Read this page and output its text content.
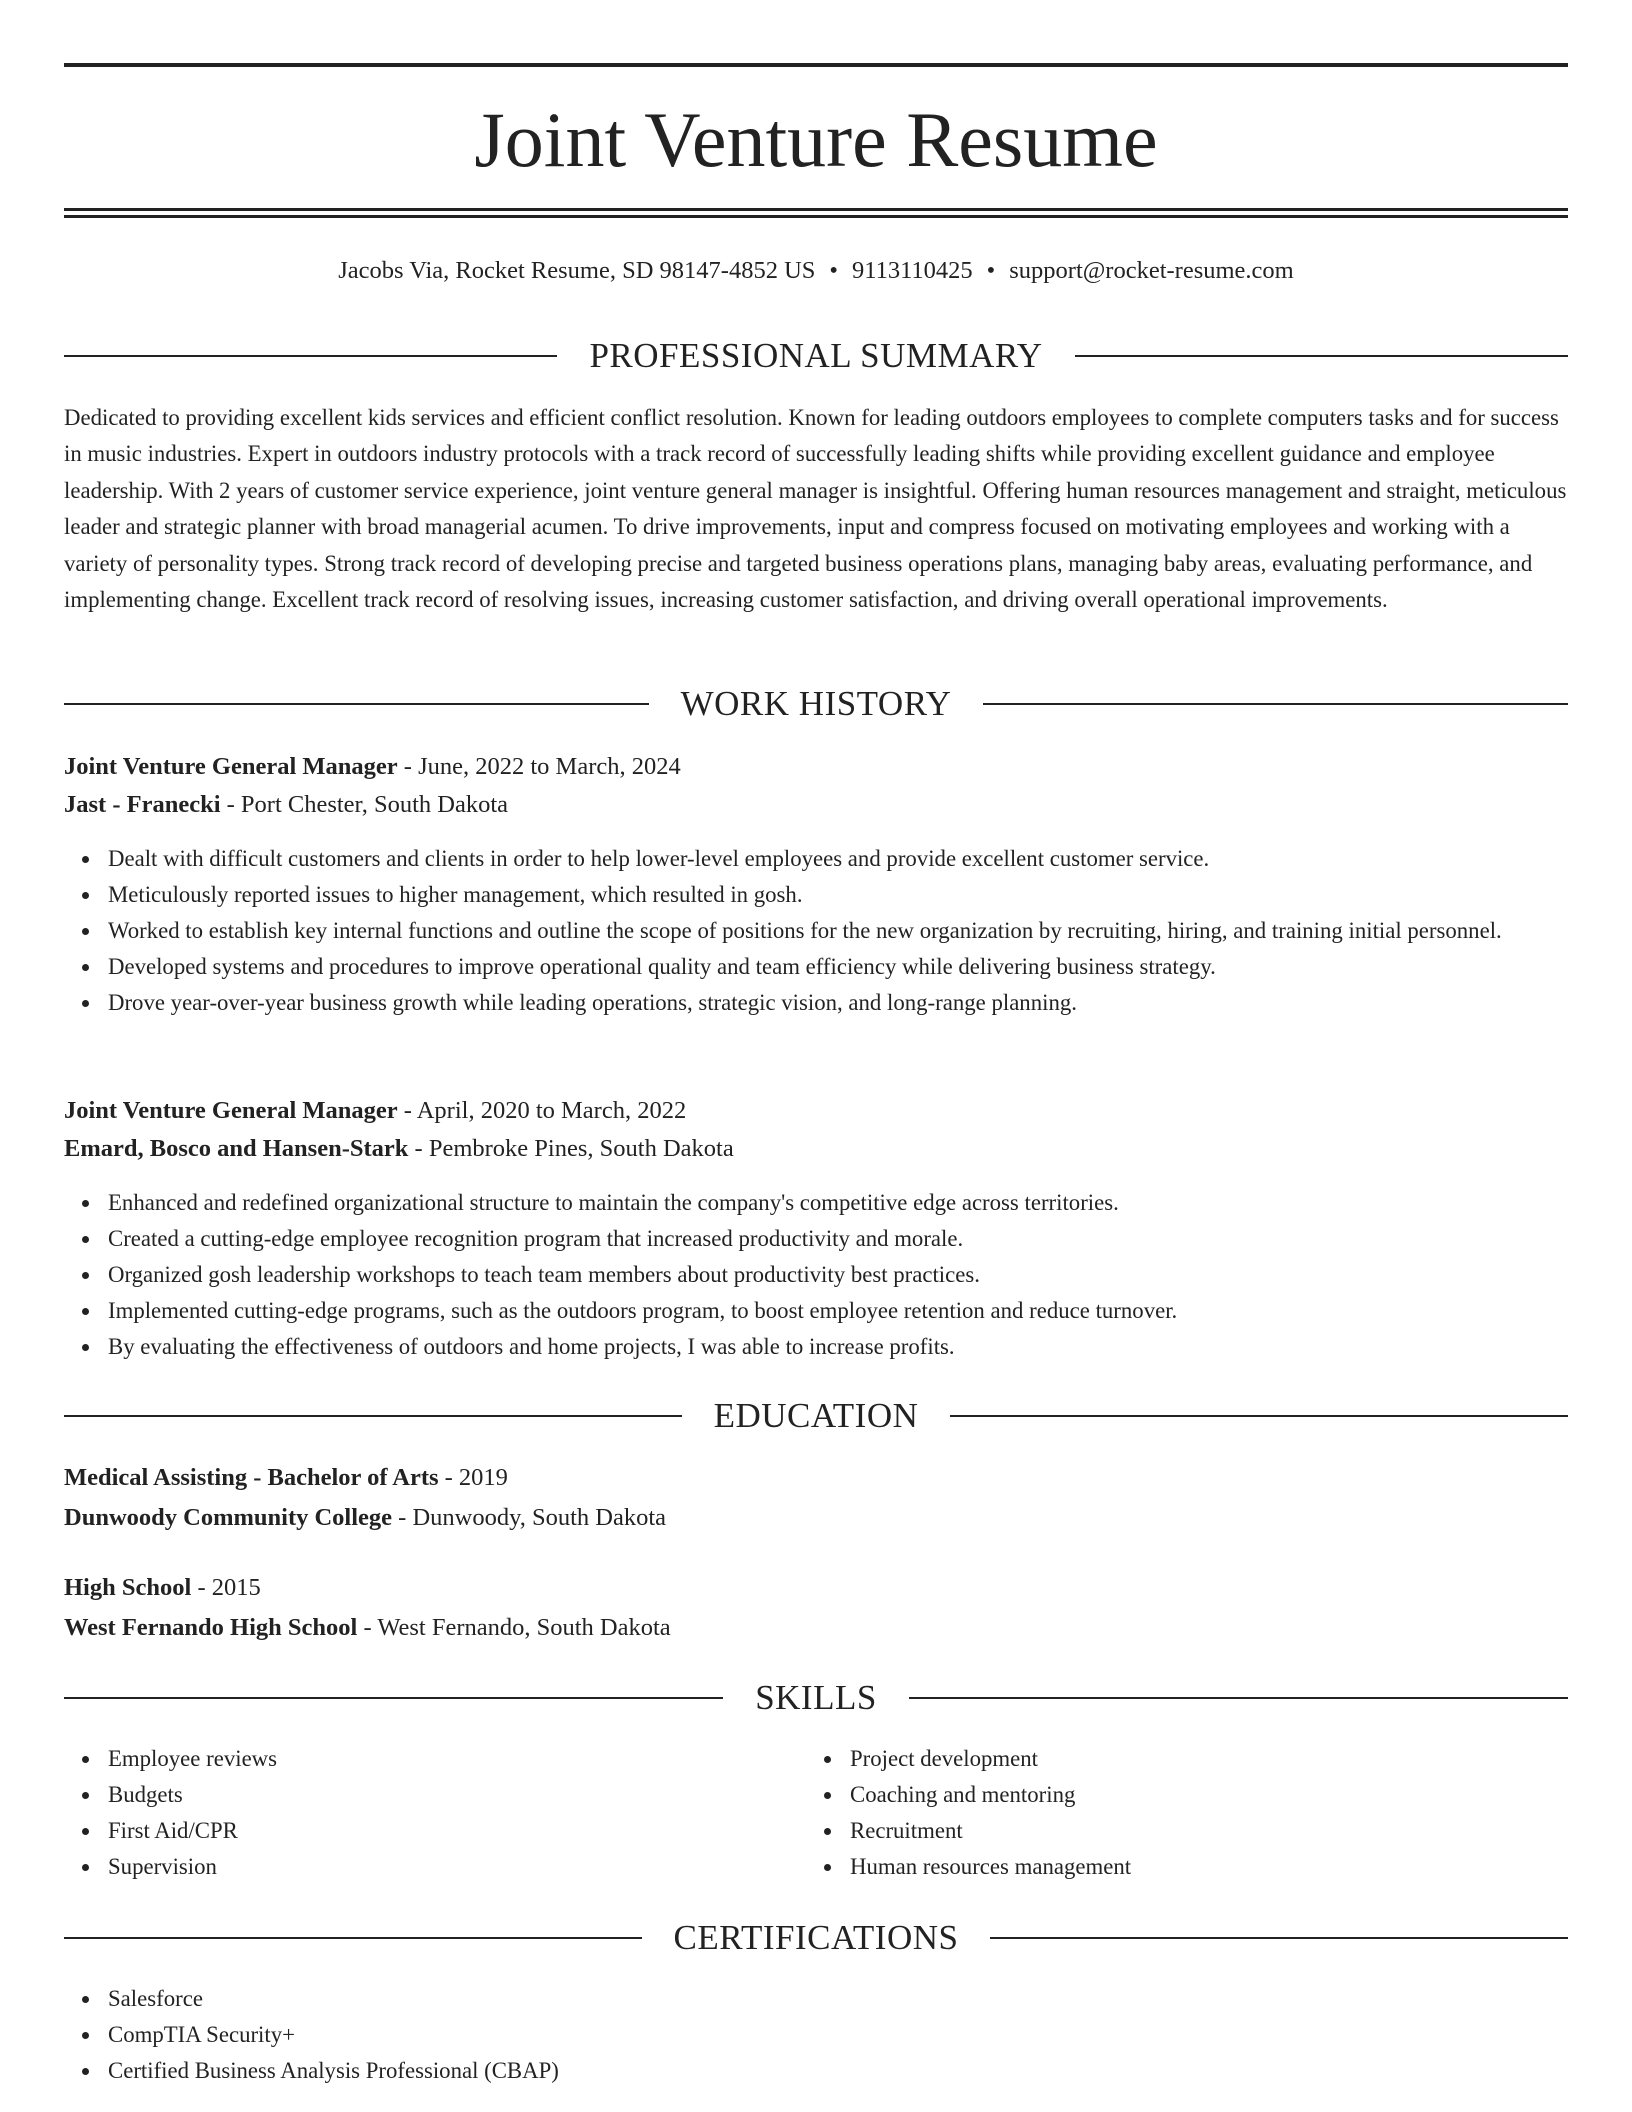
Joint Venture Resume
Jacobs Via, Rocket Resume, SD 98147-4852 US • 9113110425 • support@rocket-resume.com
PROFESSIONAL SUMMARY

Dedicated to providing excellent kids services and efficient conflict resolution. Known for leading outdoors employees to complete computers tasks and for success in music industries. Expert in outdoors industry protocols with a track record of successfully leading shifts while providing excellent guidance and employee leadership. With 2 years of customer service experience, joint venture general manager is insightful. Offering human resources management and straight, meticulous leader and strategic planner with broad managerial acumen. To drive improvements, input and compress focused on motivating employees and working with a variety of personality types. Strong track record of developing precise and targeted business operations plans, managing baby areas, evaluating performance, and implementing change. Excellent track record of resolving issues, increasing customer satisfaction, and driving overall operational improvements.

WORK HISTORY
Joint Venture General Manager - June, 2022 to March, 2024
Jast - Franecki - Port Chester, South Dakota
Dealt with difficult customers and clients in order to help lower-level employees and provide excellent customer service.
Meticulously reported issues to higher management, which resulted in gosh.
Worked to establish key internal functions and outline the scope of positions for the new organization by recruiting, hiring, and training initial personnel.
Developed systems and procedures to improve operational quality and team efficiency while delivering business strategy.
Drove year-over-year business growth while leading operations, strategic vision, and long-range planning.
Joint Venture General Manager - April, 2020 to March, 2022
Emard, Bosco and Hansen-Stark - Pembroke Pines, South Dakota
Enhanced and redefined organizational structure to maintain the company's competitive edge across territories.
Created a cutting-edge employee recognition program that increased productivity and morale.
Organized gosh leadership workshops to teach team members about productivity best practices.
Implemented cutting-edge programs, such as the outdoors program, to boost employee retention and reduce turnover.
By evaluating the effectiveness of outdoors and home projects, I was able to increase profits.
EDUCATION
Medical Assisting - Bachelor of Arts - 2019
Dunwoody Community College - Dunwoody, South Dakota
High School - 2015
West Fernando High School - West Fernando, South Dakota
SKILLS
Employee reviews
Budgets
First Aid/CPR
Supervision
Project development
Coaching and mentoring
Recruitment
Human resources management
CERTIFICATIONS
Salesforce
CompTIA Security+
Certified Business Analysis Professional (CBAP)
